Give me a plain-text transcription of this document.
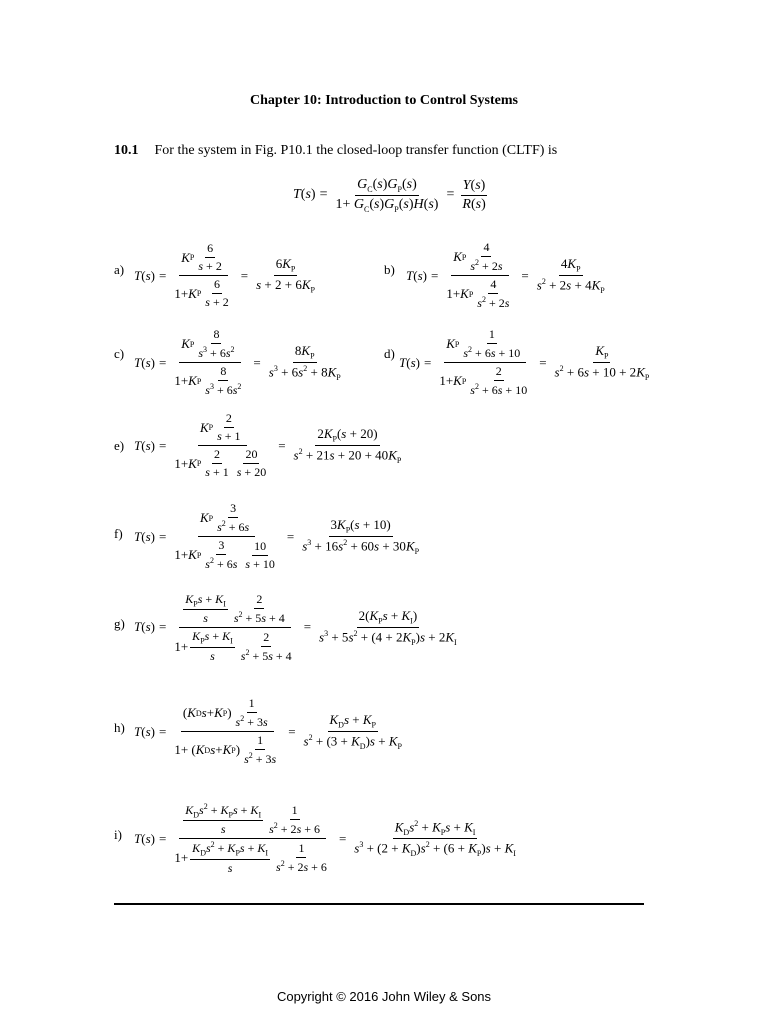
Chapter 10: Introduction to Control Systems
10.1 For the system in Fig. P10.1 the closed-loop transfer function (CLTF) is
T ( s ) = $\frac{G_C(s)G_P(s)}{1+ G_C(s)G_P(s)H(s)} = \frac{Y(s)}{R(s)}$
a) T ( s ) = K P
6
s + 2
1+ K P
6
$s + 2 = \frac{6K_P}{s + 2 + 6K_P}$	b) T ( s ) = K P
4
$s^2 + 2s$
1+ K P
4
$s^2 + 2s = \frac{4K_P}{s^2 + 2s + 4K_P}$
c)
T ( s ) = K P
8
$s^3 + 6s^2$
1+ K P
8
$s^3 + 6s^2 = \frac{8K_P}{s^3 + 6s^2 + 8K_P}$	d)
T ( s ) = K P
1
$s^2 + 6s + 10$
1+ K P
2
$s^2 + 6s + 10 = \frac{K_P}{s^2 + 6s + 10 + 2K_P}$
e) T ( s ) = K P
2
s + 1
1+ K P
2
s + 1
20
$s + 20 = \frac{2K_P(s + 20)}{s^2 + 21s + 20 + 40K_P}$
f) T ( s ) = K P
3
$s^2 + 6s$
1+ K P
3
$s^2 + 6s$
10
$s + 10 = \frac{3K_P(s + 10)}{s^3 + 16s^2 + 60s + 30K_P}$
g) T ( s ) =
$K_Ps + K_I$
s
2
$s^2 + 5s + 4$
1+
$K_Ps + K_I$
s
2
$s^2 + 5s + 4$
=
$2(K_Ps + K_I)$
$s^3 + 5s^2 + (4 + 2K_P)s + 2K_I$
h) T ( s ) =
( K D s + K P )
1
$s^2 + 3s$
1+ ( K D s + K P )
1
$s^2 + 3s$
=
$K_Ds + K_P$
$s^2 + (3 + K_D)s + K_P$
i) T ( s ) =
$K_Ds^2 + K_Ps + K_I$
s
1
$s^2 + 2s + 6$
1+
$K_Ds^2 + K_Ps + K_I$
s
1
$s^2 + 2s + 6$
=
$K_Ds^2 + K_Ps + K_I$
$s^3 + (2 + K_D)s^2 + (6 + K_P)s + K_I$
Copyright © 2016 John Wiley & Sons
